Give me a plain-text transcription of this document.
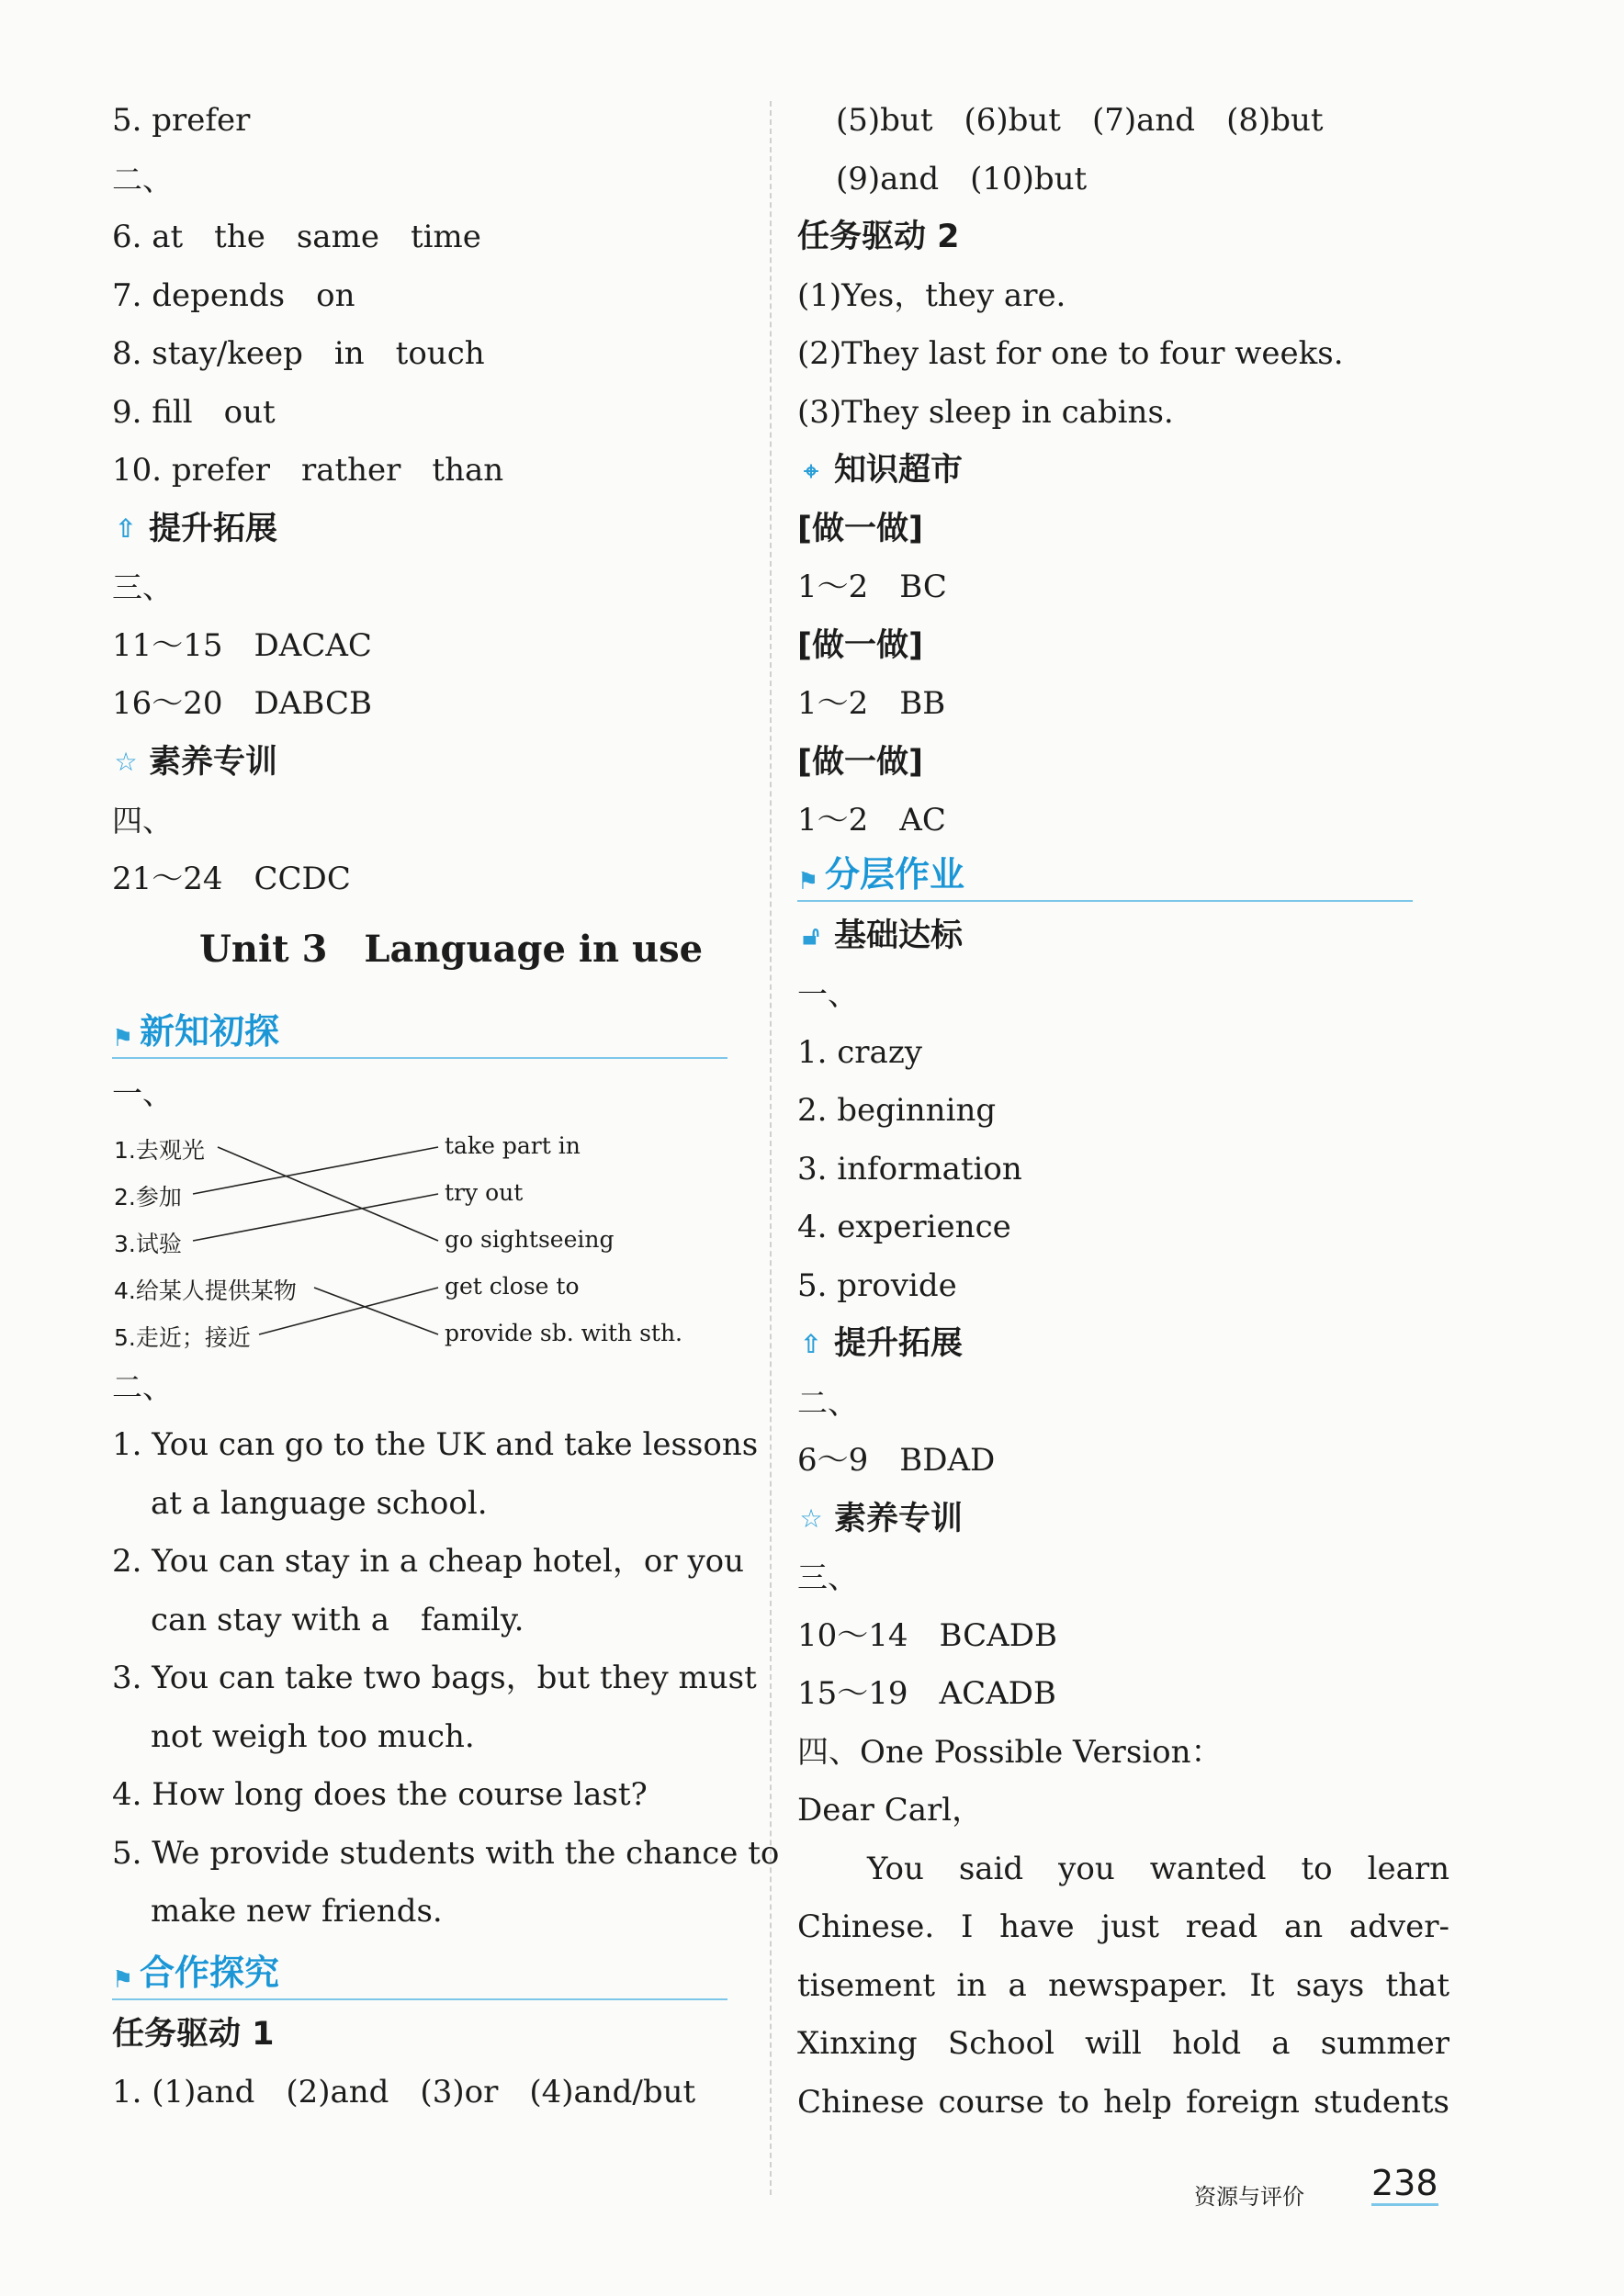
5. prefer
二、
6. at　the　same　time
7. depends　on
8. stay/keep　in　touch
9. fill　out
10. prefer　rather　than
⇧ 提升拓展
三、
11～15　DACAC
16～20　DABCB
☆ 素养专训
四、
21～24　CCDC
Unit 3　Language in use
⚑ 新知初探
一、
1.去观光
2.参加
3.试验
4.给某人提供某物
5.走近；接近
take part in
try out
go sightseeing
get close to
provide sb. with sth.
二、
1. You can go to the UK and take lessons
at a language school.
2. You can stay in a cheap hotel，or you
can stay with a　family.
3. You can take two bags，but they must
not weigh too much.
4. How long does the course last?
5. We provide students with the chance to
make new friends.
⚑ 合作探究
任务驱动 1
1. (1)and　(2)and　(3)or　(4)and/but
(5)but　(6)but　(7)and　(8)but
(9)and　(10)but
任务驱动 2
(1)Yes，they are.
(2)They last for one to four weeks.
(3)They sleep in cabins.
⌖ 知识超市
[做一做]
1～2　BC
[做一做]
1～2　BB
[做一做]
1～2　AC
⚑ 分层作业
🔓︎ 基础达标
一、
1. crazy
2. beginning
3. information
4. experience
5. provide
⇧ 提升拓展
二、
6～9　BDAD
☆ 素养专训
三、
10～14　BCADB
15～19　ACADB
四、One Possible Version：
Dear Carl，

You said you wanted to learn

Chinese. I have just read an adver-

tisement in a newspaper. It says that

Xinxing School will hold a summer

Chinese course to help foreign students

资源与评价 238
